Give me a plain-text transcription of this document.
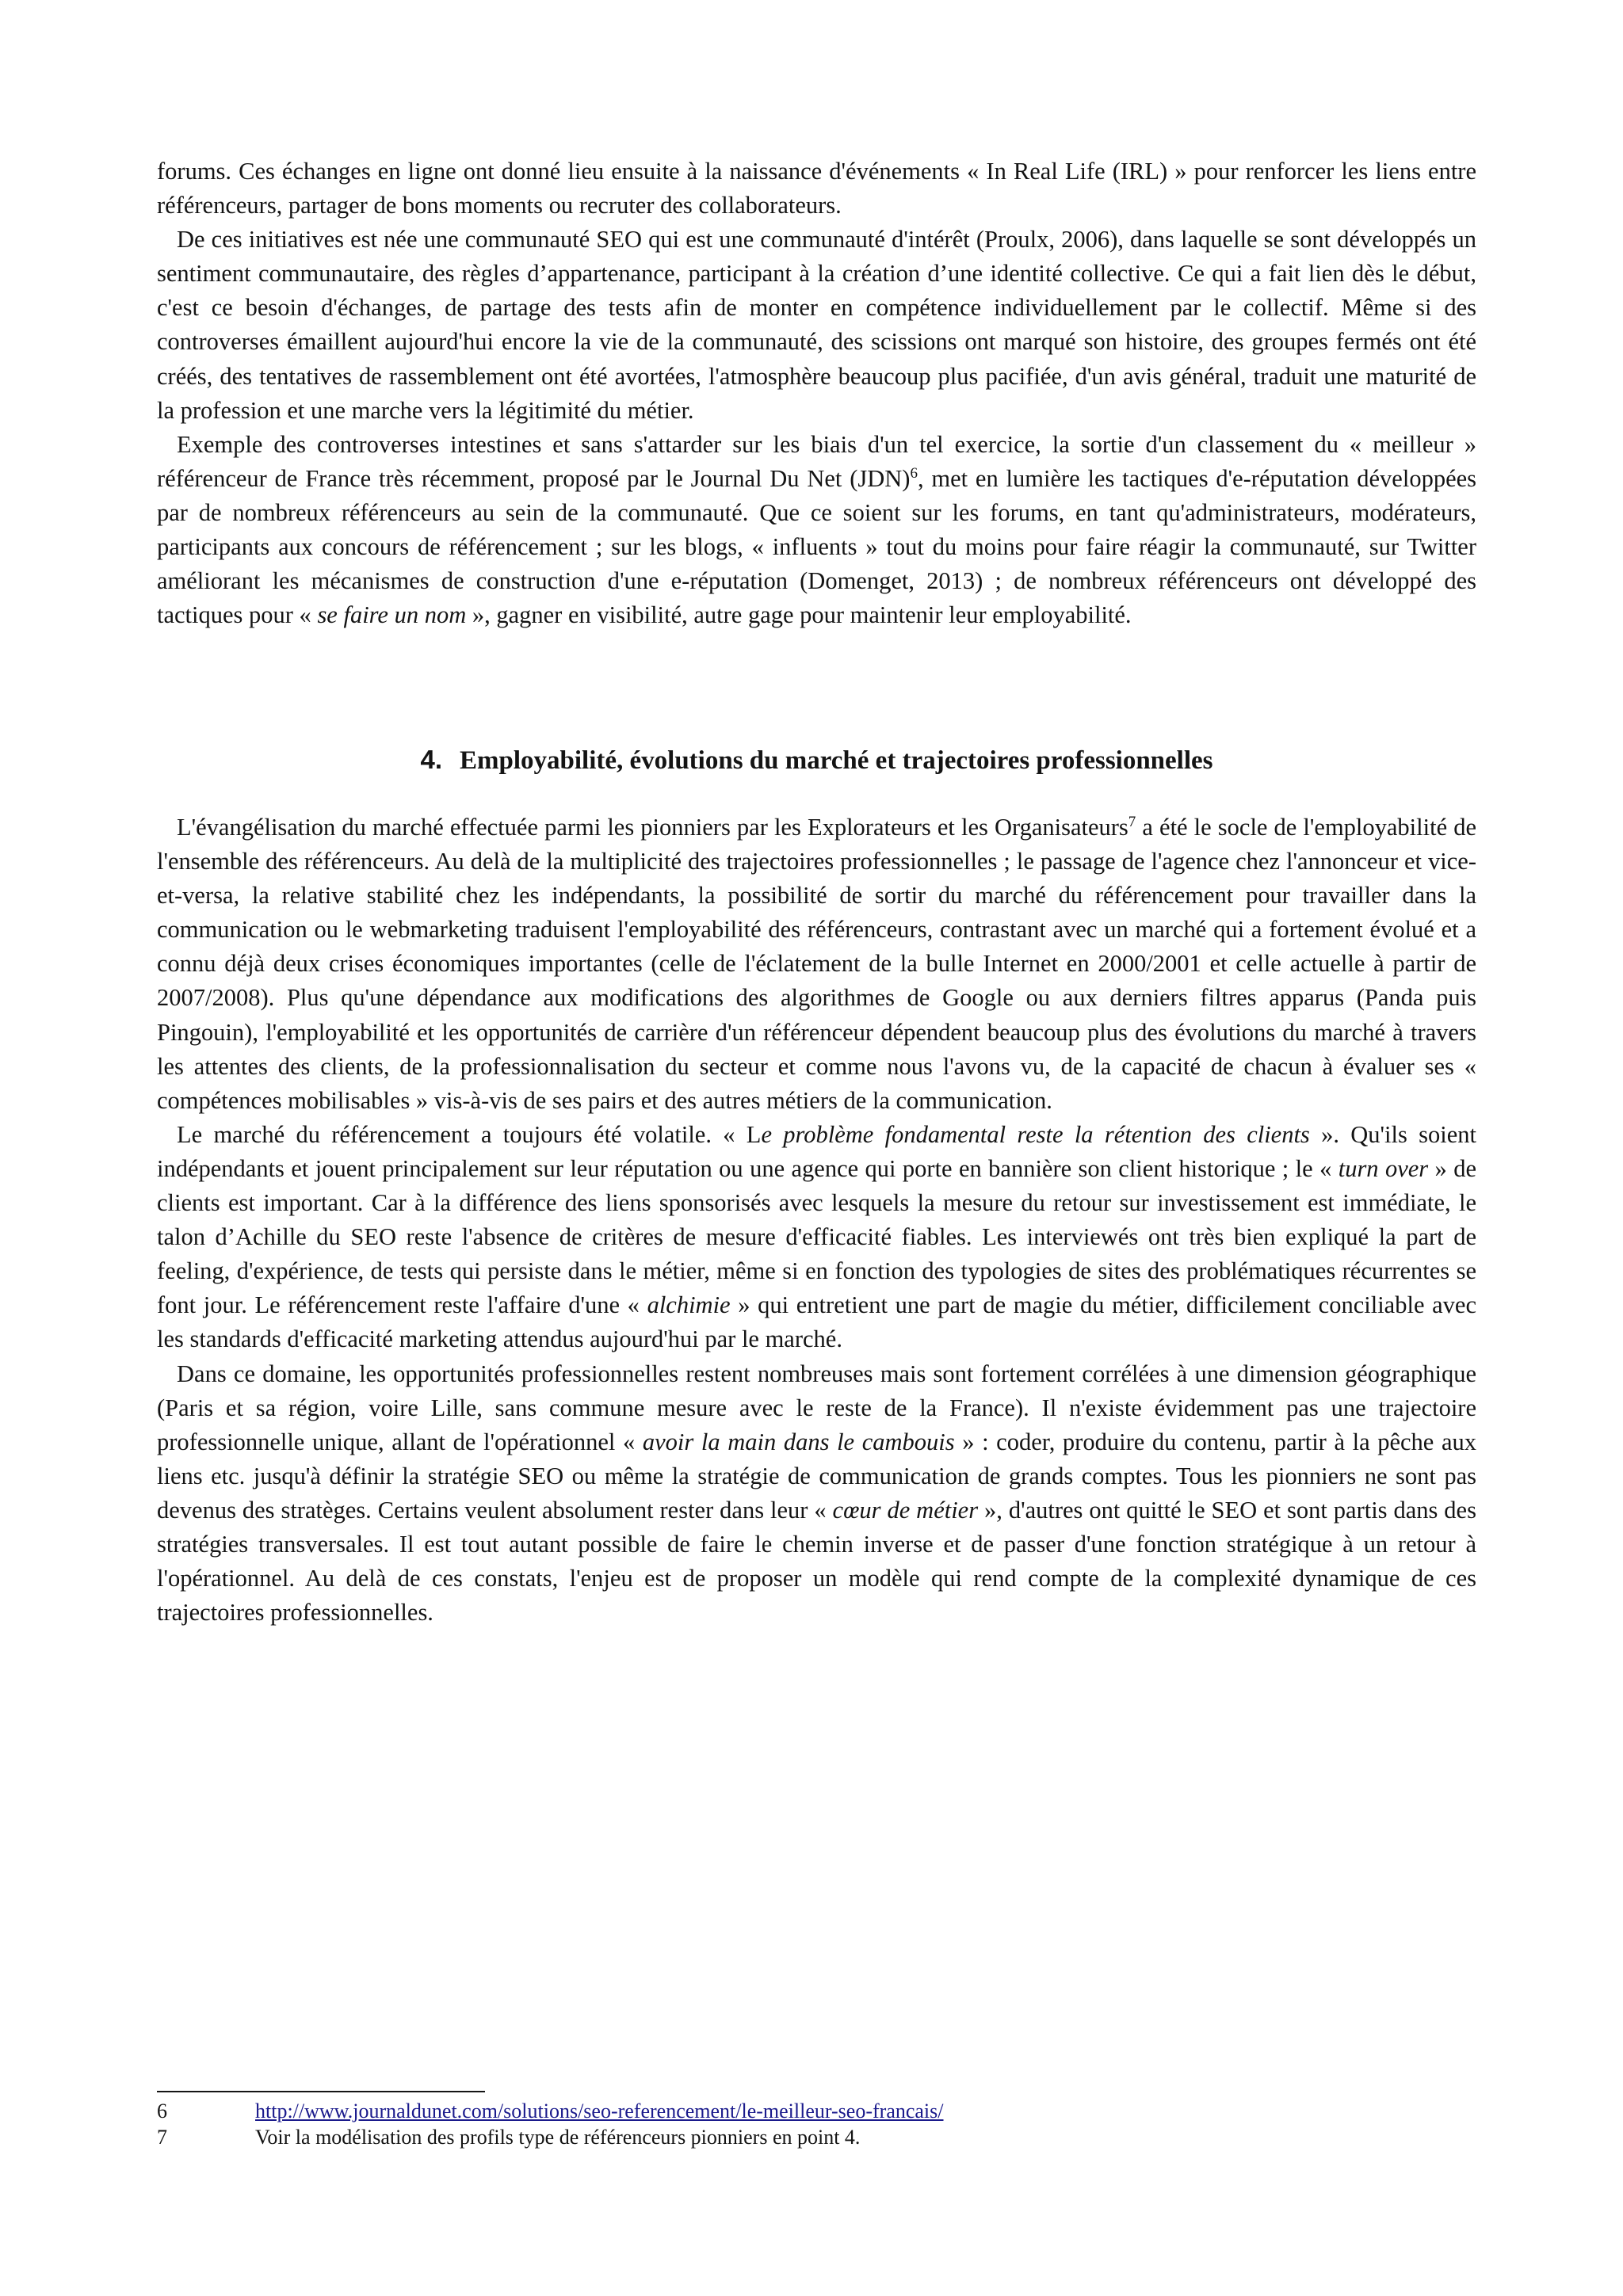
forums. Ces échanges en ligne ont donné lieu ensuite à la naissance d'événements « In Real Life (IRL) » pour renforcer les liens entre référenceurs, partager de bons moments ou recruter des collaborateurs.

De ces initiatives est née une communauté SEO qui est une communauté d'intérêt (Proulx, 2006), dans laquelle se sont développés un sentiment communautaire, des règles d’appartenance, participant à la création d’une identité collective. Ce qui a fait lien dès le début, c'est ce besoin d'échanges, de partage des tests afin de monter en compétence individuellement par le collectif. Même si des controverses émaillent aujourd'hui encore la vie de la communauté, des scissions ont marqué son histoire, des groupes fermés ont été créés, des tentatives de rassemblement ont été avortées, l'atmosphère beaucoup plus pacifiée, d'un avis général, traduit une maturité de la profession et une marche vers la légitimité du métier.

Exemple des controverses intestines et sans s'attarder sur les biais d'un tel exercice, la sortie d'un classement du « meilleur » référenceur de France très récemment, proposé par le Journal Du Net (JDN)$^6$, met en lumière les tactiques d'e-réputation développées par de nombreux référenceurs au sein de la communauté. Que ce soient sur les forums, en tant qu'administrateurs, modérateurs, participants aux concours de référencement ; sur les blogs, « influents » tout du moins pour faire réagir la communauté, sur Twitter améliorant les mécanismes de construction d'une e-réputation (Domenget, 2013) ; de nombreux référenceurs ont développé des tactiques pour « se faire un nom », gagner en visibilité, autre gage pour maintenir leur employabilité.

4. Employabilité, évolutions du marché et trajectoires professionnelles

L'évangélisation du marché effectuée parmi les pionniers par les Explorateurs et les Organisateurs$^7$ a été le socle de l'employabilité de l'ensemble des référenceurs. Au delà de la multiplicité des trajectoires professionnelles ; le passage de l'agence chez l'annonceur et vice-et-versa, la relative stabilité chez les indépendants, la possibilité de sortir du marché du référencement pour travailler dans la communication ou le webmarketing traduisent l'employabilité des référenceurs, contrastant avec un marché qui a fortement évolué et a connu déjà deux crises économiques importantes (celle de l'éclatement de la bulle Internet en 2000/2001 et celle actuelle à partir de 2007/2008). Plus qu'une dépendance aux modifications des algorithmes de Google ou aux derniers filtres apparus (Panda puis Pingouin), l'employabilité et les opportunités de carrière d'un référenceur dépendent beaucoup plus des évolutions du marché à travers les attentes des clients, de la professionnalisation du secteur et comme nous l'avons vu, de la capacité de chacun à évaluer ses « compétences mobilisables » vis-à-vis de ses pairs et des autres métiers de la communication.

Le marché du référencement a toujours été volatile. « Le problème fondamental reste la rétention des clients ». Qu'ils soient indépendants et jouent principalement sur leur réputation ou une agence qui porte en bannière son client historique ; le « turn over » de clients est important. Car à la différence des liens sponsorisés avec lesquels la mesure du retour sur investissement est immédiate, le talon d’Achille du SEO reste l'absence de critères de mesure d'efficacité fiables. Les interviewés ont très bien expliqué la part de feeling, d'expérience, de tests qui persiste dans le métier, même si en fonction des typologies de sites des problématiques récurrentes se font jour. Le référencement reste l'affaire d'une « alchimie » qui entretient une part de magie du métier, difficilement conciliable avec les standards d'efficacité marketing attendus aujourd'hui par le marché.

Dans ce domaine, les opportunités professionnelles restent nombreuses mais sont fortement corrélées à une dimension géographique (Paris et sa région, voire Lille, sans commune mesure avec le reste de la France). Il n'existe évidemment pas une trajectoire professionnelle unique, allant de l'opérationnel « avoir la main dans le cambouis » : coder, produire du contenu, partir à la pêche aux liens etc. jusqu'à définir la stratégie SEO ou même la stratégie de communication de grands comptes. Tous les pionniers ne sont pas devenus des stratèges. Certains veulent absolument rester dans leur « cœur de métier », d'autres ont quitté le SEO et sont partis dans des stratégies transversales. Il est tout autant possible de faire le chemin inverse et de passer d'une fonction stratégique à un retour à l'opérationnel. Au delà de ces constats, l'enjeu est de proposer un modèle qui rend compte de la complexité dynamique de ces trajectoires professionnelles.

6	http://www.journaldunet.com/solutions/seo-referencement/le-meilleur-seo-francais/
7	Voir la modélisation des profils type de référenceurs pionniers en point 4.
